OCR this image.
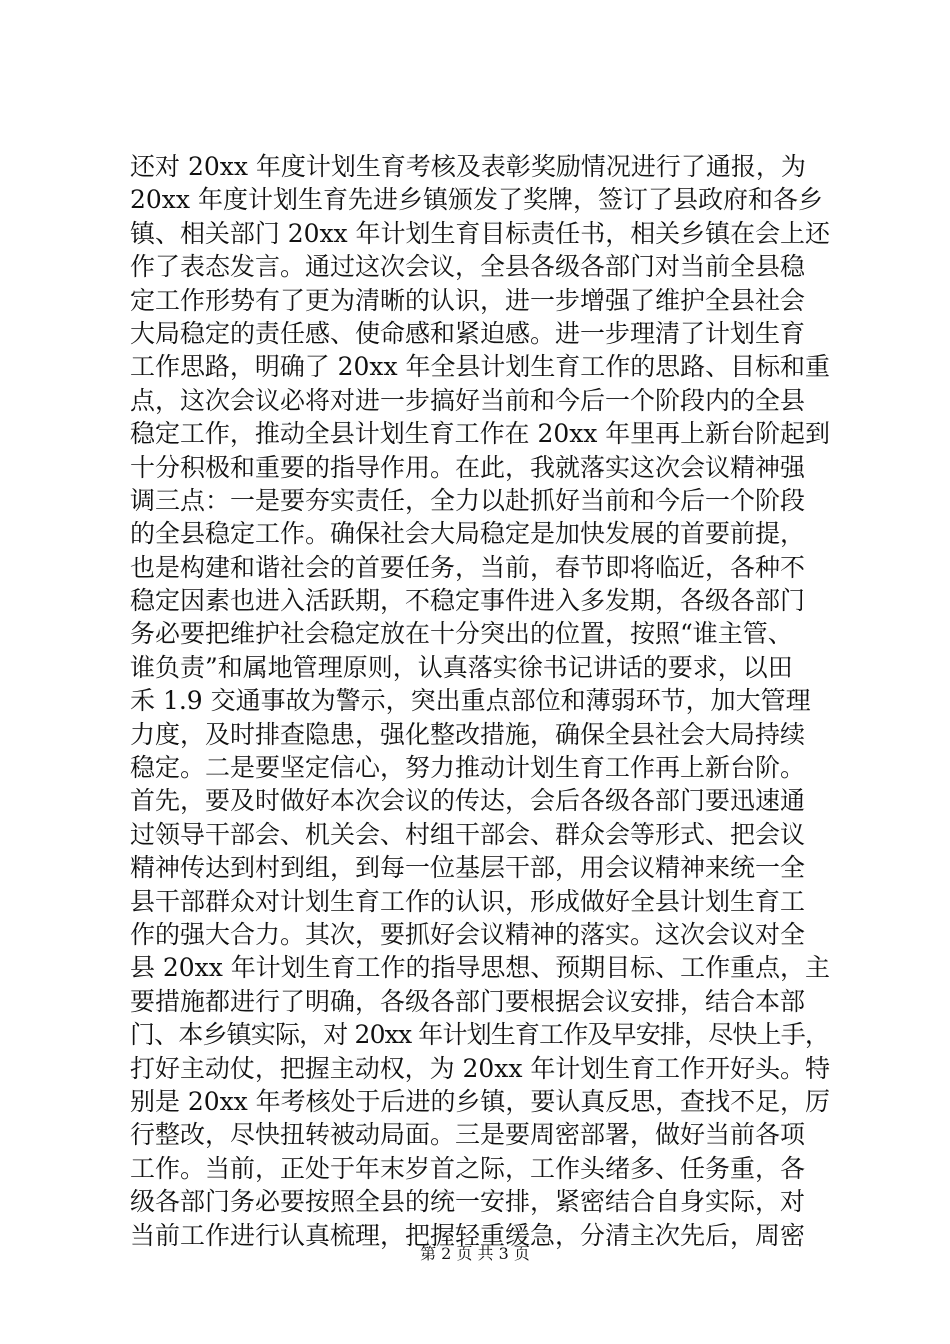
还对 20xx 年度计划生育考核及表彰奖励情况进行了通报，为
20xx 年度计划生育先进乡镇颁发了奖牌，签订了县政府和各乡
镇、相关部门 20xx 年计划生育目标责任书，相关乡镇在会上还
作了表态发言。通过这次会议，全县各级各部门对当前全县稳
定工作形势有了更为清晰的认识，进一步增强了维护全县社会
大局稳定的责任感、使命感和紧迫感。进一步理清了计划生育
工作思路，明确了 20xx 年全县计划生育工作的思路、目标和重
点，这次会议必将对进一步搞好当前和今后一个阶段内的全县
稳定工作，推动全县计划生育工作在 20xx 年里再上新台阶起到
十分积极和重要的指导作用。在此，我就落实这次会议精神强
调三点：一是要夯实责任，全力以赴抓好当前和今后一个阶段
的全县稳定工作。确保社会大局稳定是加快发展的首要前提，
也是构建和谐社会的首要任务，当前，春节即将临近，各种不
稳定因素也进入活跃期，不稳定事件进入多发期，各级各部门
务必要把维护社会稳定放在十分突出的位置，按照“谁主管、
谁负责”和属地管理原则，认真落实徐书记讲话的要求，以田
禾 1.9 交通事故为警示，突出重点部位和薄弱环节，加大管理
力度，及时排查隐患，强化整改措施，确保全县社会大局持续
稳定。二是要坚定信心，努力推动计划生育工作再上新台阶。
首先，要及时做好本次会议的传达，会后各级各部门要迅速通
过领导干部会、机关会、村组干部会、群众会等形式、把会议
精神传达到村到组，到每一位基层干部，用会议精神来统一全
县干部群众对计划生育工作的认识，形成做好全县计划生育工
作的强大合力。其次，要抓好会议精神的落实。这次会议对全
县 20xx 年计划生育工作的指导思想、预期目标、工作重点，主
要措施都进行了明确，各级各部门要根据会议安排，结合本部
门、本乡镇实际，对 20xx 年计划生育工作及早安排，尽快上手，
打好主动仗，把握主动权，为 20xx 年计划生育工作开好头。特
别是 20xx 年考核处于后进的乡镇，要认真反思，查找不足，厉
行整改，尽快扭转被动局面。三是要周密部署，做好当前各项
工作。当前，正处于年末岁首之际，工作头绪多、任务重，各
级各部门务必要按照全县的统一安排，紧密结合自身实际，对
当前工作进行认真梳理，把握轻重缓急，分清主次先后，周密
第 2 页 共 3 页
